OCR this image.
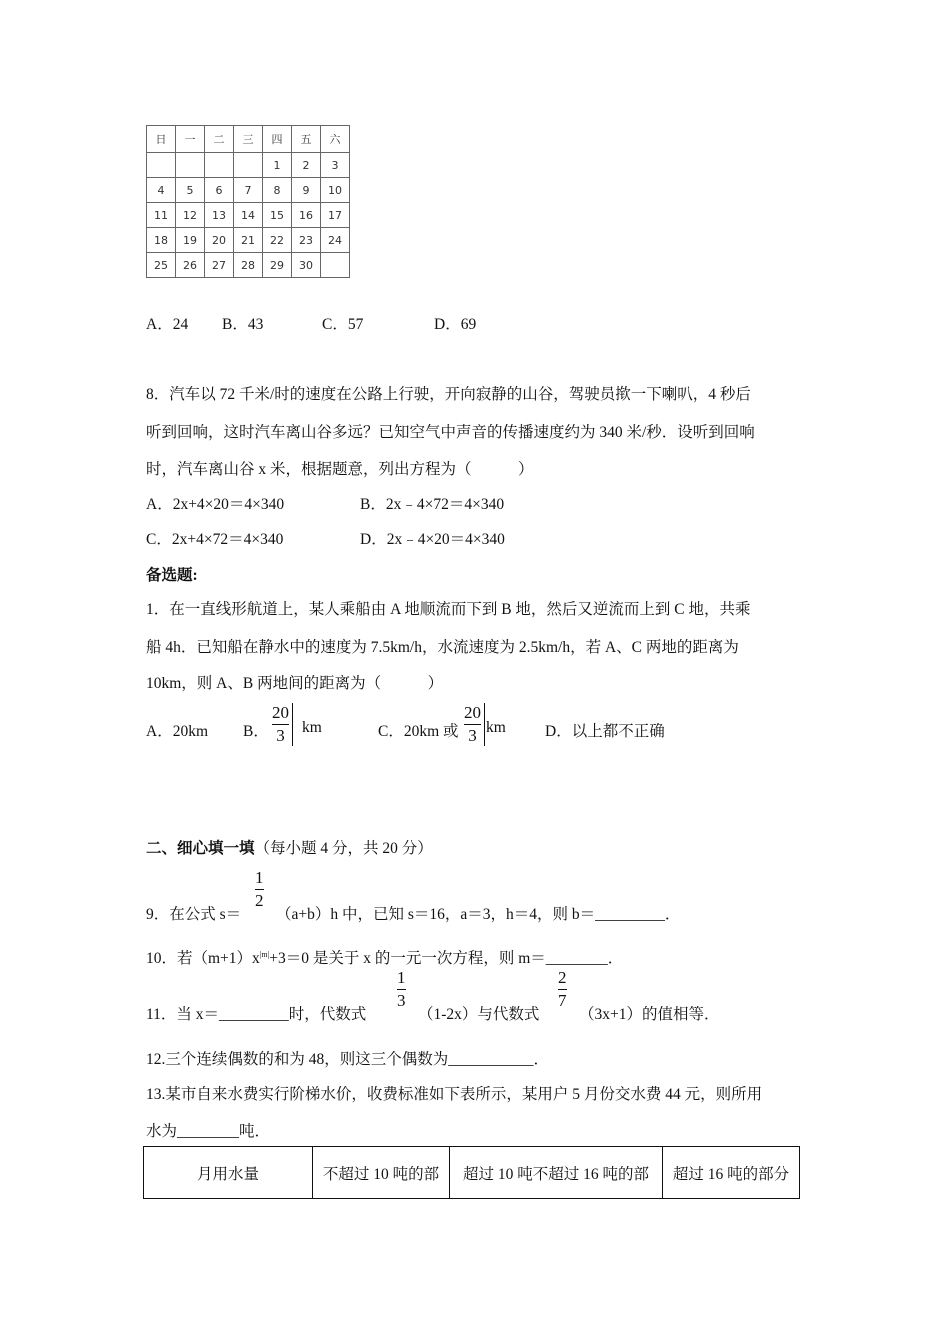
日	一	二	三	四	五	六
				1	2	3
4	5	6	7	8	9	10
11	12	13	14	15	16	17
18	19	20	21	22	23	24
25	26	27	28	29	30	
A．24 B．43	C．57	D．69
8．汽车以 72 千米/时的速度在公路上行驶，开向寂静的山谷，驾驶员揿一下喇叭，4 秒后
听到回响，这时汽车离山谷多远？已知空气中声音的传播速度约为 340 米/秒．设听到回响
时，汽车离山谷 x 米，根据题意，列出方程为（　　　）
A．2x+4×20＝4×340	B．2x﹣4×72＝4×340
C．2x+4×72＝4×340	D．2x﹣4×20＝4×340
备选题:
1．在一直线形航道上，某人乘船由 A 地顺流而下到 B 地，然后又逆流而上到 C 地，共乘
船 4h．已知船在静水中的速度为 7.5km/h，水流速度为 2.5km/h，若 A、C 两地的距离为
10km，则 A、B 两地间的距离为（　　　）
A．20km B．
20
3 km	C．20km 或
20
3 km	D．以上都不正确
二、细心填一填（每小题 4 分，共 20 分）
9．在公式 s＝
1
2
（a+b）h 中，已知 s＝16，a＝3，h＝4，则 b＝_________．
10．若$(m+1)x^{|m|}+3=0$ 是关于 x 的一元一次方程，则 m＝________．
11．当 x＝_________时，代数式
1
3
（1-2x）与代数式
2
7
（3x+1）的值相等．
12.三个连续偶数的和为 48，则这三个偶数为___________．
13.某市自来水费实行阶梯水价，收费标准如下表所示，某用户 5 月份交水费 44 元，则所用
水为________吨．
月用水量	不超过 10 吨的部	超过 10 吨不超过 16 吨的部	超过 16 吨的部分
